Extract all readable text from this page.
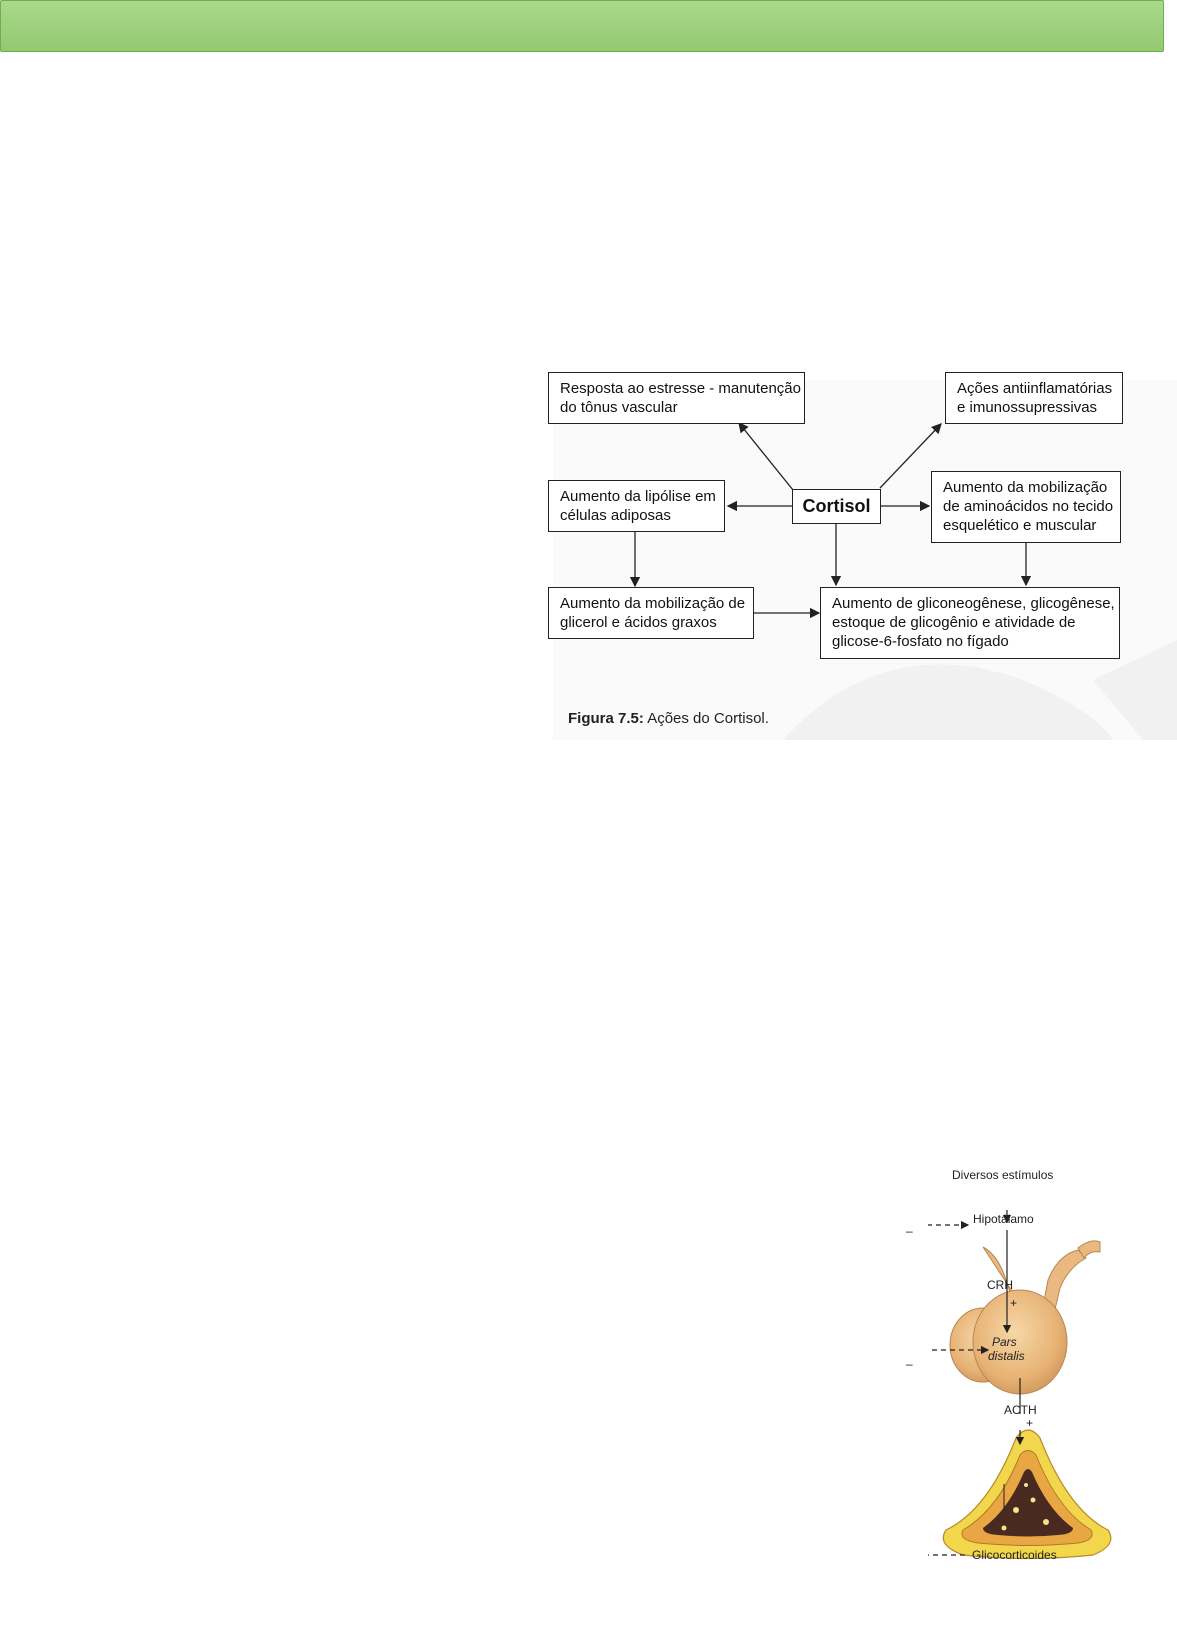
Resposta ao estresse - manutenção
do tônus vascular
Ações antiinflamatórias
e imunossupressivas
Aumento da lipólise em
células adiposas	Cortisol
Aumento da mobilização
de aminoácidos no tecido
esquelético e muscular
Aumento da mobilização de
glicerol e ácidos graxos
Aumento de gliconeogênese, glicogênese,
estoque de glicogênio e atividade de
glicose-6-fosfato no fígado
Figura 7.5: Ações do Cortisol.
Diversos estímulos
Hipotálamo
–
CRH
+
Pars
distalis
–
ACTH
+
Glicocorticoides
